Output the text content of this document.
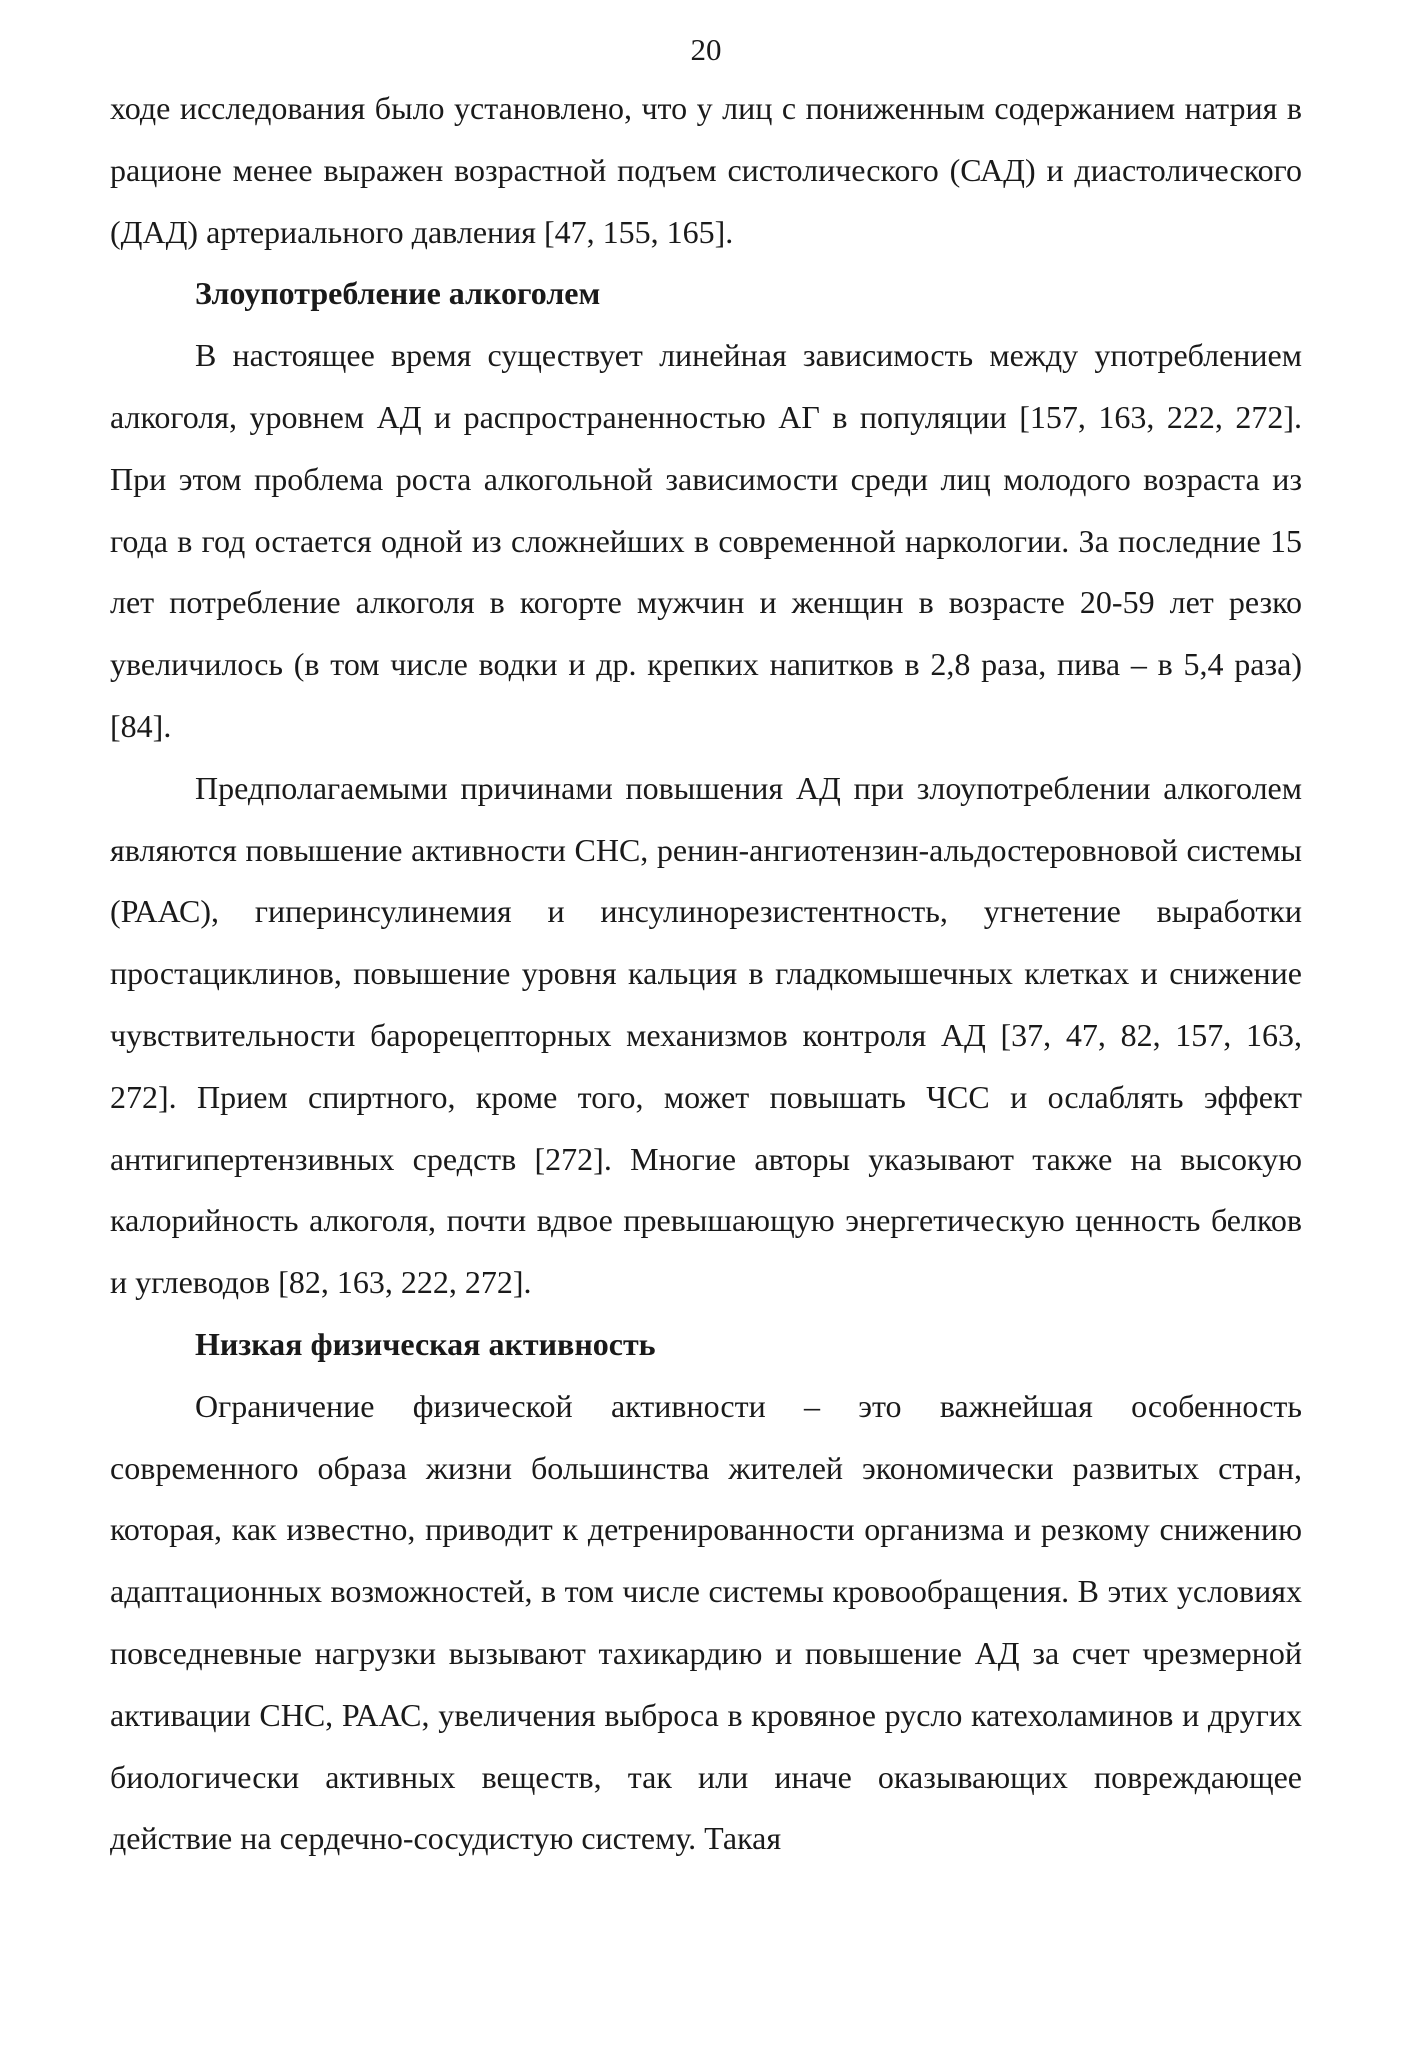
20

ходе исследования было установлено, что у лиц с пониженным содержанием натрия в рационе менее выражен возрастной подъем систолического (САД) и диастолического (ДАД) артериального давления [47, 155, 165].

Злоупотребление алкоголем

В настоящее время существует линейная зависимость между употреблением алкоголя, уровнем АД и распространенностью АГ в популяции [157, 163, 222, 272]. При этом проблема роста алкогольной зависимости среди лиц молодого возраста из года в год остается одной из сложнейших в современной наркологии. За последние 15 лет потребление алкоголя в когорте мужчин и женщин в возрасте 20-59 лет резко увеличилось (в том числе водки и др. крепких напитков в 2,8 раза, пива – в 5,4 раза) [84].

Предполагаемыми причинами повышения АД при злоупотреблении алкоголем являются повышение активности СНС, ренин-ангиотензин-альдостеровновой системы (РААС), гиперинсулинемия и инсулинорезистентность, угнетение выработки простациклинов, повышение уровня кальция в гладкомышечных клетках и снижение чувствительности барорецепторных механизмов контроля АД [37, 47, 82, 157, 163, 272]. Прием спиртного, кроме того, может повышать ЧСС и ослаблять эффект антигипертензивных средств [272]. Многие авторы указывают также на высокую калорийность алкоголя, почти вдвое превышающую энергетическую ценность белков и углеводов [82, 163, 222, 272].

Низкая физическая активность

Ограничение физической активности – это важнейшая особенность современного образа жизни большинства жителей экономически развитых стран, которая, как известно, приводит к детренированности организма и резкому снижению адаптационных возможностей, в том числе системы кровообращения. В этих условиях повседневные нагрузки вызывают тахикардию и повышение АД за счет чрезмерной активации СНС, РААС, увеличения выброса в кровяное русло катехоламинов и других биологически активных веществ, так или иначе оказывающих повреждающее действие на сердечно-сосудистую систему. Такая
